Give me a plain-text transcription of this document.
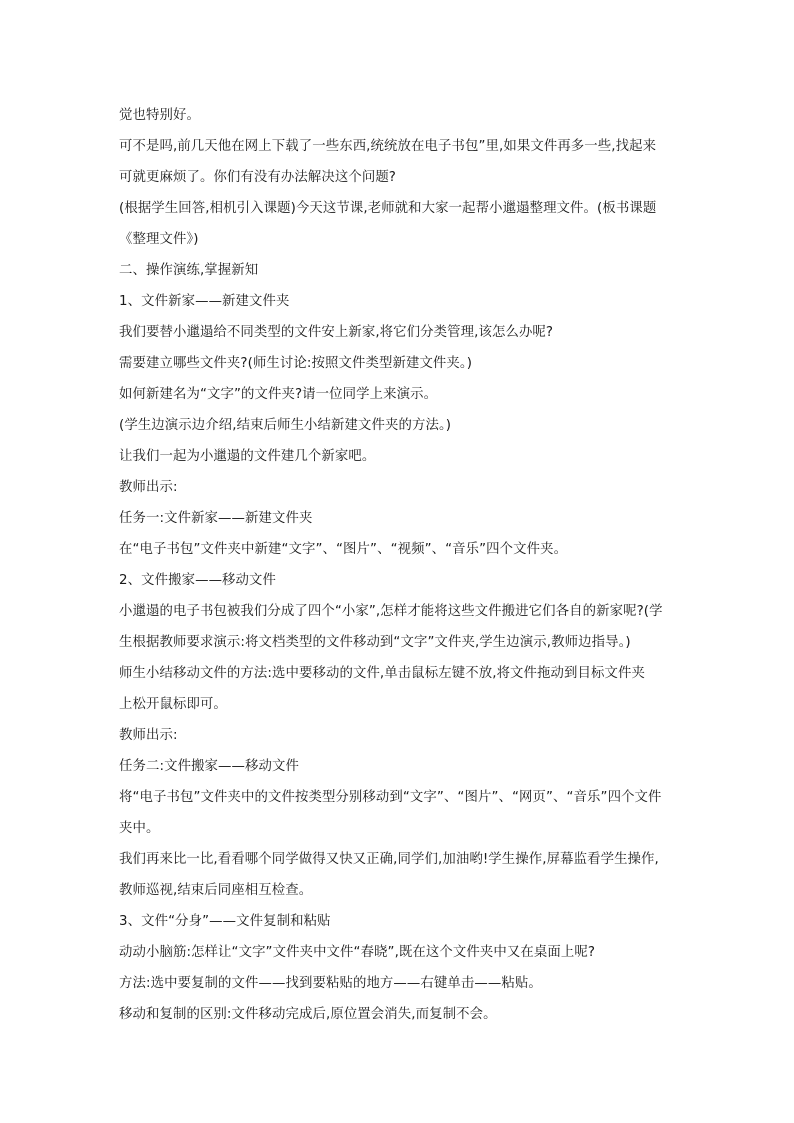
觉也特别好。
可不是吗,前几天他在网上下载了一些东西,统统放在电子书包”里,如果文件再多一些,找起来
可就更麻烦了。你们有没有办法解决这个问题?
(根据学生回答,相机引入课题)今天这节课,老师就和大家一起帮小邋遢整理文件。(板书课题
《整理文件》)
二、操作演练,掌握新知
1、文件新家——新建文件夹
我们要替小邋遢给不同类型的文件安上新家,将它们分类管理,该怎么办呢?
需要建立哪些文件夹?(师生讨论:按照文件类型新建文件夹。)
如何新建名为“文字”的文件夹?请一位同学上来演示。
(学生边演示边介绍,结束后师生小结新建文件夹的方法。)
让我们一起为小邋遢的文件建几个新家吧。
教师出示:
任务一:文件新家——新建文件夹
在“电子书包”文件夹中新建“文字”、“图片”、“视频”、“音乐”四个文件夹。
2、文件搬家——移动文件
小邋遢的电子书包被我们分成了四个“小家”,怎样才能将这些文件搬进它们各自的新家呢?(学
生根据教师要求演示:将文档类型的文件移动到“文字”文件夹,学生边演示,教师边指导。)
师生小结移动文件的方法:选中要移动的文件,单击鼠标左键不放,将文件拖动到目标文件夹
上松开鼠标即可。
教师出示:
任务二:文件搬家——移动文件
将“电子书包”文件夹中的文件按类型分别移动到“文字”、“图片”、“网页”、“音乐”四个文件
夹中。
我们再来比一比,看看哪个同学做得又快又正确,同学们,加油哟!学生操作,屏幕监看学生操作,
教师巡视,结束后同座相互检查。
3、文件“分身”——文件复制和粘贴
动动小脑筋:怎样让“文字”文件夹中文件“春晓”,既在这个文件夹中又在桌面上呢?
方法:选中要复制的文件——找到要粘贴的地方——右键单击——粘贴。
移动和复制的区别:文件移动完成后,原位置会消失,而复制不会。
